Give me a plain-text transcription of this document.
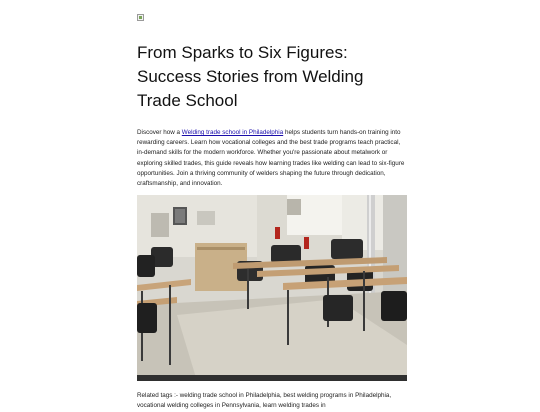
From Sparks to Six Figures: Success Stories from Welding Trade School

Discover how a Welding trade school in Philadelphia helps students turn hands-on training into rewarding careers. Learn how vocational colleges and the best trade programs teach practical, in-demand skills for the modern workforce. Whether you're passionate about metalwork or exploring skilled trades, this guide reveals how learning trades like welding can lead to six-figure opportunities. Join a thriving community of welders shaping the future through dedication, craftsmanship, and innovation.

Related tags :- welding trade school in Philadelphia, best welding programs in Philadelphia, vocational welding colleges in Pennsylvania, learn welding trades in
